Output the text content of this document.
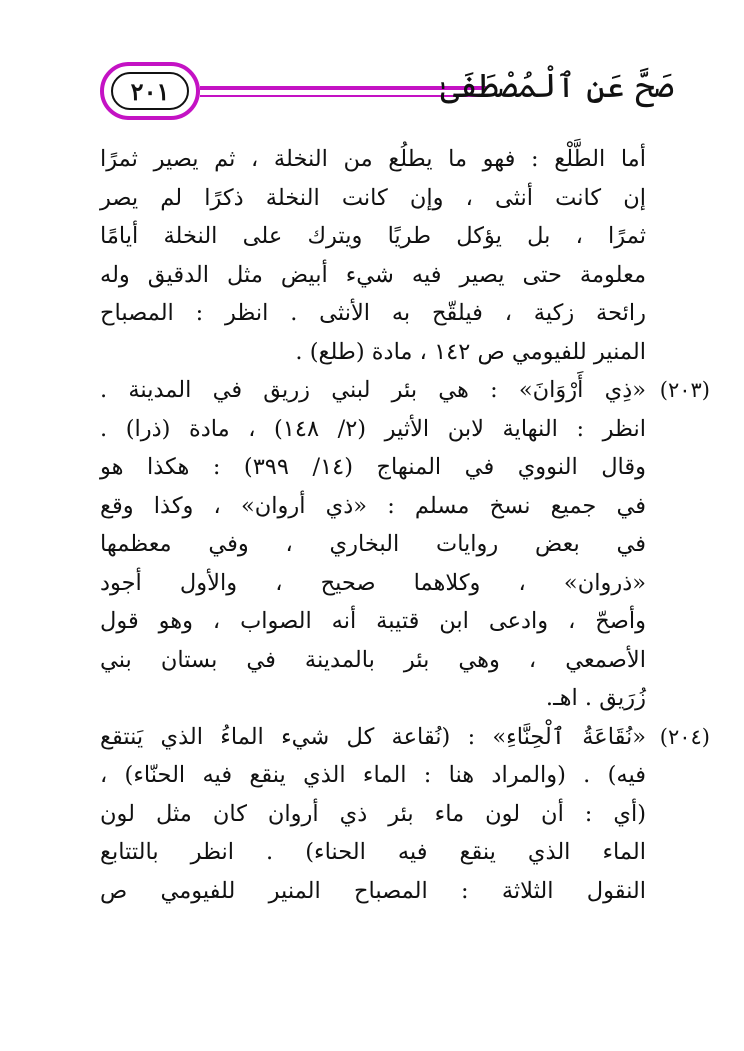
٢٠١	صَحَّ عَنِ ٱلْمُصْطَفَىٰ
أما الطَّلْع : فهو ما يطلُع من النخلة ، ثم يصير ثمرًا
إن كانت أنثى ، وإن كانت النخلة ذكرًا لم يصر
ثمرًا ، بل يؤكل طريًا ويترك على النخلة أيامًا
معلومة حتى يصير فيه شيء أبيض مثل الدقيق وله
رائحة زكية ، فيلقّح به الأنثى . انظر : المصباح
المنير للفيومي ص ١٤٢ ، مادة (طلع) .
(٢٠٣)
«ذِي أَرْوَانَ» : هي بئر لبني زريق في المدينة .
انظر : النهاية لابن الأثير (٢/ ١٤٨) ، مادة (ذرا) .
وقال النووي في المنهاج (١٤/ ٣٩٩) : هكذا هو
في جميع نسخ مسلم : «ذي أروان» ، وكذا وقع
في بعض روايات البخاري ، وفي معظمها
«ذروان» ، وكلاهما صحيح ، والأول أجود
وأصحّ ، وادعى ابن قتيبة أنه الصواب ، وهو قول
الأصمعي ، وهي بئر بالمدينة في بستان بني
زُرَيق . اهـ.
(٢٠٤)
«نُقَاعَةُ ٱلْحِنَّاءِ» : (نُقاعة كل شيء الماءُ الذي يَنتقع
فيه) . (والمراد هنا : الماء الذي ينقع فيه الحنّاء) ،
(أي : أن لون ماء بئر ذي أروان كان مثل لون
الماء الذي ينقع فيه الحناء) . انظر بالتتابع
النقول الثلاثة : المصباح المنير للفيومي ص
